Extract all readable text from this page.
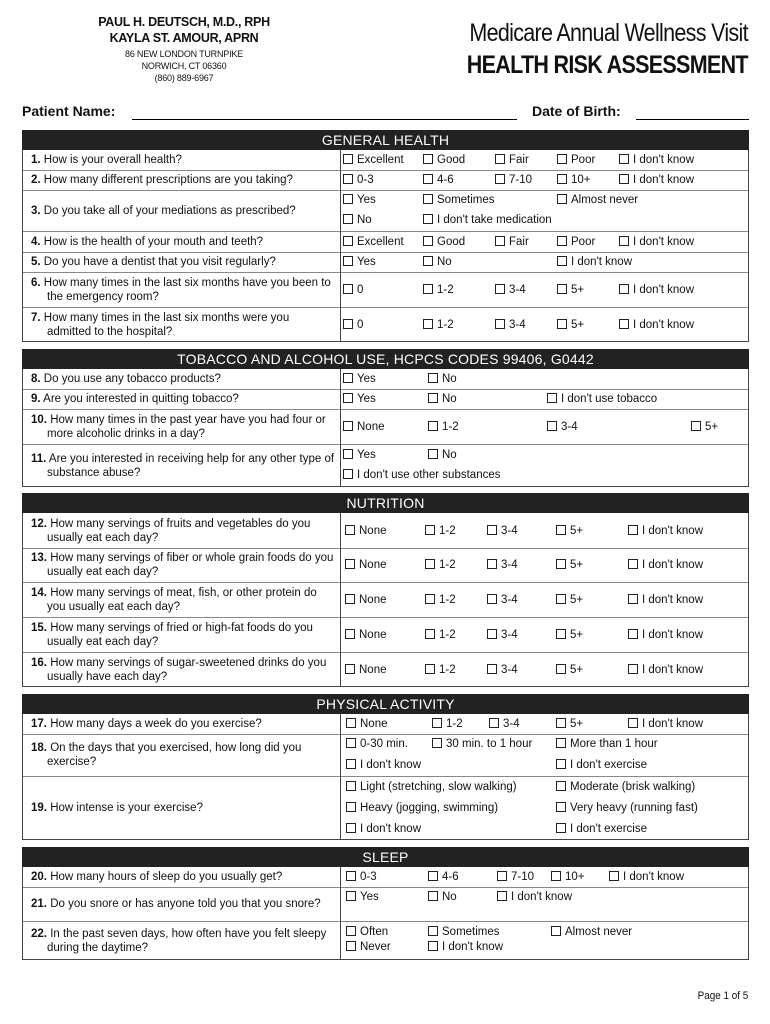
PAUL H. DEUTSCH, M.D., RPH
KAYLA ST. AMOUR, APRN
86 NEW LONDON TURNPIKE
NORWICH, CT 06360
(860) 889-6967
Medicare Annual Wellness Visit
HEALTH RISK ASSESSMENT
Patient Name:	Date of Birth:
GENERAL HEALTH
1. How is your overall health?	Excellent	Good	Fair	Poor	I don't know
2. How many different prescriptions are you taking?	0-3	4-6	7-10	10+	I don't know
3. Do you take all of your mediations as prescribed?
Yes	Sometimes	Almost never
No	I don't take medication
4. How is the health of your mouth and teeth?	Excellent	Good	Fair	Poor	I don't know
5. Do you have a dentist that you visit regularly?	Yes	No	I don't know
6. How many times in the last six months have you been to the emergency room?
0	1-2	3-4	5+	I don't know
7. How many times in the last six months were you admitted to the hospital?
0	1-2	3-4	5+	I don't know
TOBACCO AND ALCOHOL USE, HCPCS CODES 99406, G0442
8. Do you use any tobacco products?	Yes	No
9. Are you interested in quitting tobacco?	Yes	No	I don't use tobacco
10. How many times in the past year have you had four or more alcoholic drinks in a day?
None	1-2	3-4	5+
11. Are you interested in receiving help for any other type of substance abuse?
Yes	No
I don't use other substances
NUTRITION
12. How many servings of fruits and vegetables do you usually eat each day?
None	1-2	3-4	5+	I don't know
13. How many servings of fiber or whole grain foods do you usually eat each day?
None	1-2	3-4	5+	I don't know
14. How many servings of meat, fish, or other protein do you usually eat each day?
None	1-2	3-4	5+	I don't know
15. How many servings of fried or high-fat foods do you usually eat each day?
None	1-2	3-4	5+	I don't know
16. How many servings of sugar-sweetened drinks do you usually have each day?
None	1-2	3-4	5+	I don't know
PHYSICAL ACTIVITY
17. How many days a week do you exercise?	None	1-2	3-4	5+	I don't know
18. On the days that you exercised, how long did you exercise?
0-30 min.	30 min. to 1 hour	More than 1 hour
I don't know	I don't exercise
19. How intense is your exercise?
Light (stretching, slow walking)	Moderate (brisk walking)
Heavy (jogging, swimming)	Very heavy (running fast)
I don't know	I don't exercise
SLEEP
20. How many hours of sleep do you usually get?	0-3	4-6	7-10	10+	I don't know
21. Do you snore or has anyone told you that you snore?
Yes	No	I don't know
22. In the past seven days, how often have you felt sleepy during the daytime?
Often	Sometimes	Almost never
Never	I don't know
Page 1 of 5
